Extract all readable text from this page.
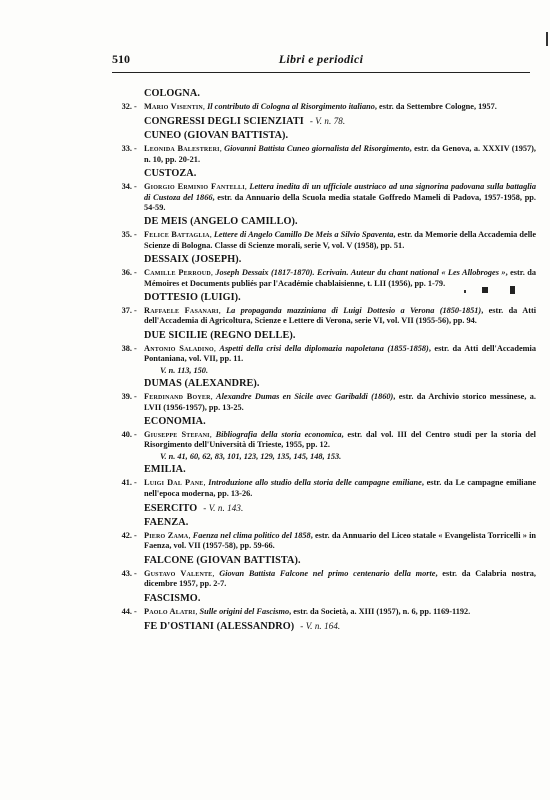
510	Libri e periodici
COLOGNA.
32. - Mario Visentin, Il contributo di Cologna al Risorgimento italiano, estr. da Settembre Cologne, 1957.
CONGRESSI DEGLI SCIENZIATI - V. n. 78.
CUNEO (GIOVAN BATTISTA).
33. - Leonida Balestreri, Giovanni Battista Cuneo giornalista del Risorgimento, estr. da Genova, a. XXXIV (1957), n. 10, pp. 20-21.
CUSTOZA.
34. - Giorgio Erminio Fantelli, Lettera inedita di un ufficiale austriaco ad una signorina padovana sulla battaglia di Custoza del 1866, estr. da Annuario della Scuola media statale Goffredo Mameli di Padova, 1957-1958, pp. 54-59.
DE MEIS (ANGELO CAMILLO).
35. - Felice Battaglia, Lettere di Angelo Camillo De Meis a Silvio Spaventa, estr. da Memorie della Accademia delle Scienze di Bologna. Classe di Scienze morali, serie V, vol. V (1958), pp. 51.
DESSAIX (JOSEPH).
36. - Camille Perroud, Joseph Dessaix (1817-1870). Ecrivain. Auteur du chant national « Les Allobroges », estr. da Mémoires et Documents publiés par l'Académie chablaisienne, t. LII (1956), pp. 1-79.
DOTTESIO (LUIGI).
37. - Raffaele Fasanari, La propaganda mazziniana di Luigi Dottesio a Verona (1850-1851), estr. da Atti dell'Accademia di Agricoltura, Scienze e Lettere di Verona, serie VI, vol. VII (1955-56), pp. 94.
DUE SICILIE (REGNO DELLE).
38. - Antonio Saladino, Aspetti della crisi della diplomazia napoletana (1855-1858), estr. da Atti dell'Accademia Pontaniana, vol. VII, pp. 11.
V. n. 113, 150.
DUMAS (ALEXANDRE).
39. - Ferdinand Boyer, Alexandre Dumas en Sicile avec Garibaldi (1860), estr. da Archivio storico messinese, a. LVII (1956-1957), pp. 13-25.
ECONOMIA.
40. - Giuseppe Stefani, Bibliografia della storia economica, estr. dal vol. III del Centro studi per la storia del Risorgimento dell'Università di Trieste, 1955, pp. 12.
V. n. 41, 60, 62, 83, 101, 123, 129, 135, 145, 148, 153.
EMILIA.
41. - Luigi Dal Pane, Introduzione allo studio della storia delle campagne emiliane, estr. da Le campagne emiliane nell'epoca moderna, pp. 13-26.
ESERCITO - V. n. 143.
FAENZA.
42. - Piero Zama, Faenza nel clima politico del 1858, estr. da Annuario del Liceo statale « Evangelista Torricelli » in Faenza, vol. VII (1957-58), pp. 59-66.
FALCONE (GIOVAN BATTISTA).
43. - Gustavo Valente, Giovan Battista Falcone nel primo centenario della morte, estr. da Calabria nostra, dicembre 1957, pp. 2-7.
FASCISMO.
44. - Paolo Alatri, Sulle origini del Fascismo, estr. da Società, a. XIII (1957), n. 6, pp. 1169-1192.
FE D'OSTIANI (ALESSANDRO) - V. n. 164.
